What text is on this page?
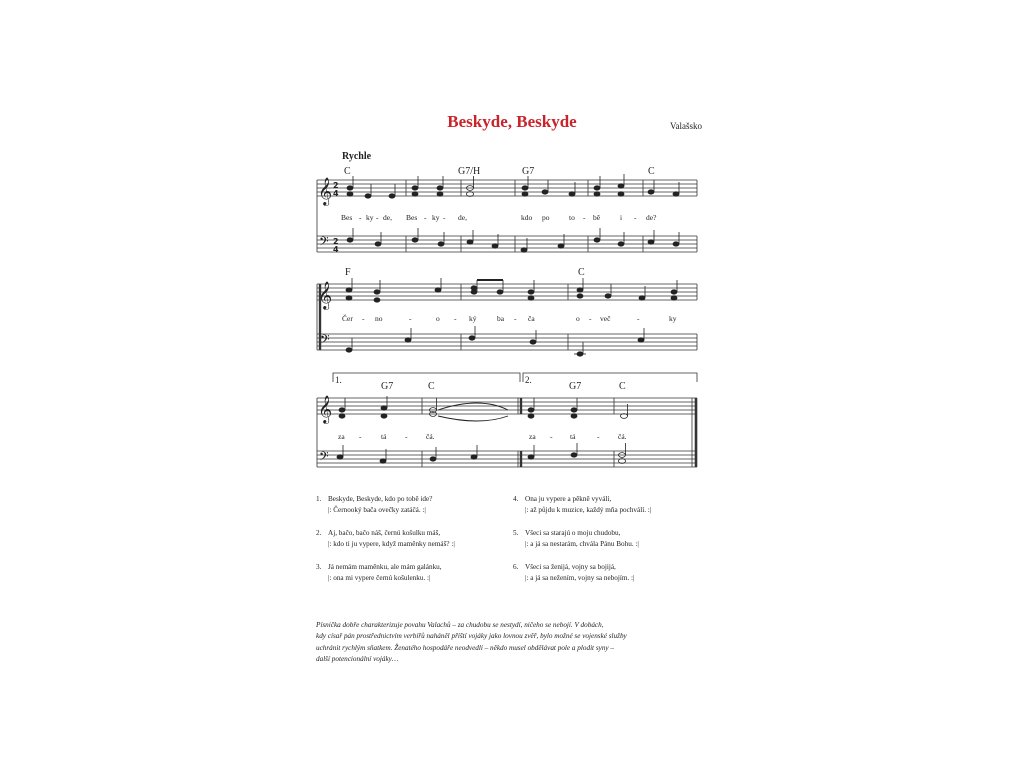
Beskyde, Beskyde	Valašsko
Rychle
C	G7/H	G7	C
Bes - ky - de, Bes - ky - de,	kdo po	to - bě	i - de?
F	C
Čer - no	-	o - ký	ba - ča	o - več	-	ky
1.	2.
G7	C	G7	C
za -	tá - čá.	za - tá	- čá.
𝄞
𝄢
𝄞
𝄢
𝄞
𝄢
2
4
2
4
1. Beskyde, Beskyde, kdo po tobě ide?
|: Černooký bača ovečky zatáčá. :|
2. Aj, bačo, bačo náš, černú košulku máš,
|: kdo ti ju vypere, když maměnky nemáš? :|
3. Já nemám maměnku, ale mám galánku,
|: ona mi vypere černú košulenku. :|
4. Ona ju vypere a pěkně vyválí,
|: až půjdu k muzice, každý mňa pochválí. :|
5. Všeci sa starajú o moju chudobu,
|: a já sa nestarám, chvála Pánu Bohu. :|
6. Všeci sa ženijá, vojny sa bojijá,
|: a já sa nežením, vojny sa nebojím. :|
Písnička dobře charakterizuje povahu Valachů – za chudobu se nestydí, ničeho se nebojí. V dobách,
kdy císař pán prostřednictvím verbířů naháněl příští vojáky jako lovnou zvěř, bylo možné se vojenské služby
uchránit rychlým sňatkem. Ženatého hospodáře neodvedli – někdo musel obdělávat pole a plodit syny –
další potencionální vojáky…
